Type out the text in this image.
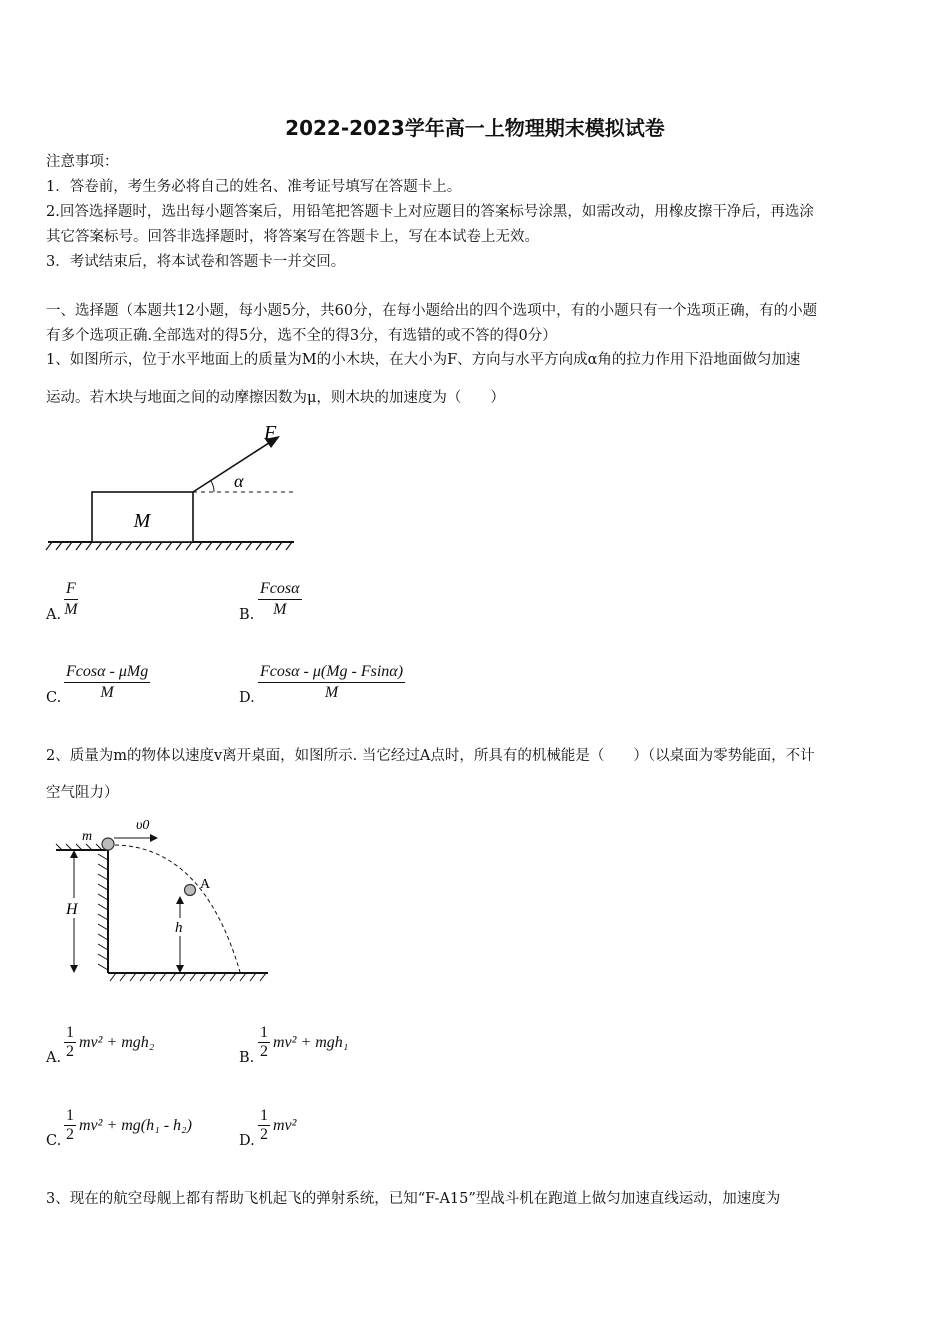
2022-2023学年高一上物理期末模拟试卷
注意事项：
1．答卷前，考生务必将自己的姓名、准考证号填写在答题卡上。
2.回答选择题时，选出每小题答案后，用铅笔把答题卡上对应题目的答案标号涂黑，如需改动，用橡皮擦干净后，再选涂
其它答案标号。回答非选择题时，将答案写在答题卡上，写在本试卷上无效。
3．考试结束后，将本试卷和答题卡一并交回。
一、选择题（本题共12小题，每小题5分，共60分，在每小题给出的四个选项中，有的小题只有一个选项正确，有的小题
有多个选项正确.全部选对的得5分，选不全的得3分，有选错的或不答的得0分）
1、如图所示，位于水平地面上的质量为M的小木块，在大小为F、方向与水平方向成α角的拉力作用下沿地面做匀加速
运动。若木块与地面之间的动摩擦因数为μ，则木块的加速度为（　　）
M
F
α
A. $\frac{F}{M}$	B. $\frac{Fcos\alpha}{M}$
C.
Fcosα - μMg
M	D. $\frac{Fcos\alpha - \mu(Mg - Fsin\alpha)}{M}$
2、质量为m的物体以速度v离开桌面，如图所示. 当它经过A点时，所具有的机械能是（　　）（以桌面为零势能面，不计
空气阻力）
m
υ0
A
H
h
A. $\frac{1}{2} mv^2 + mgh_2$
B. $\frac{1}{2} mv^2 + mgh_1$
C. $\frac{1}{2} mv^2 + mg(h_1 - h_2)$
D. $\frac{1}{2} mv^2$
3、现在的航空母舰上都有帮助飞机起飞的弹射系统，已知“F-A15”型战斗机在跑道上做匀加速直线运动，加速度为
